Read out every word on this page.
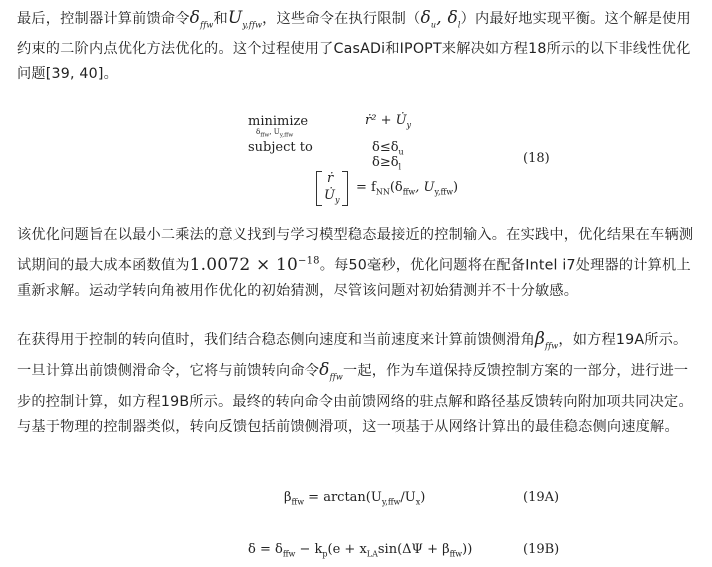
最后，控制器计算前馈命令$\delta_{ffw}$和$U_{y,ffw}$，这些命令在执行限制（$\delta_u$, $\delta_l$）内最好地实现平衡。这个解是使用约束的二阶内点优化方法优化的。这个过程使用了CasADi和IPOPT来解决如方程18所示的以下非线性优化问题[39, 40]。
minimize
$\delta_{ffw}$, $U_{y,ffw}$
ṙ² + $U̇_y$
subject to	$\delta\le\delta_u$
$\delta\ge\delta_l$
ṙ
$U̇_y$
= $f_{NN}(\delta_{ffw}$, $U_{y,ffw}$)
(18)
该优化问题旨在以最小二乘法的意义找到与学习模型稳态最接近的控制输入。在实践中，优化结果在车辆测试期间的最大成本函数值为$1.0072 \times 10^{-18}$。每50毫秒，优化问题将在配备Intel i7处理器的计算机上重新求解。运动学转向角被用作优化的初始猜测，尽管该问题对初始猜测并不十分敏感。
在获得用于控制的转向值时，我们结合稳态侧向速度和当前速度来计算前馈侧滑角$\beta_{ffw}$，如方程19A所示。一旦计算出前馈侧滑命令，它将与前馈转向命令$\delta_{ffw}$一起，作为车道保持反馈控制方案的一部分，进行进一步的控制计算，如方程19B所示。最终的转向命令由前馈网络的驻点解和路径基反馈转向附加项共同决定。与基于物理的控制器类似，转向反馈包括前馈侧滑项，这一项基于从网络计算出的最佳稳态侧向速度解。
$\beta_{ffw} = \arctan(U_{y,ffw}/U_x)$	(19A)
$\delta = \delta_{ffw} - k_p(e + x_{LA}\sin(\Delta\Psi + \beta_{ffw}))$	(19B)
